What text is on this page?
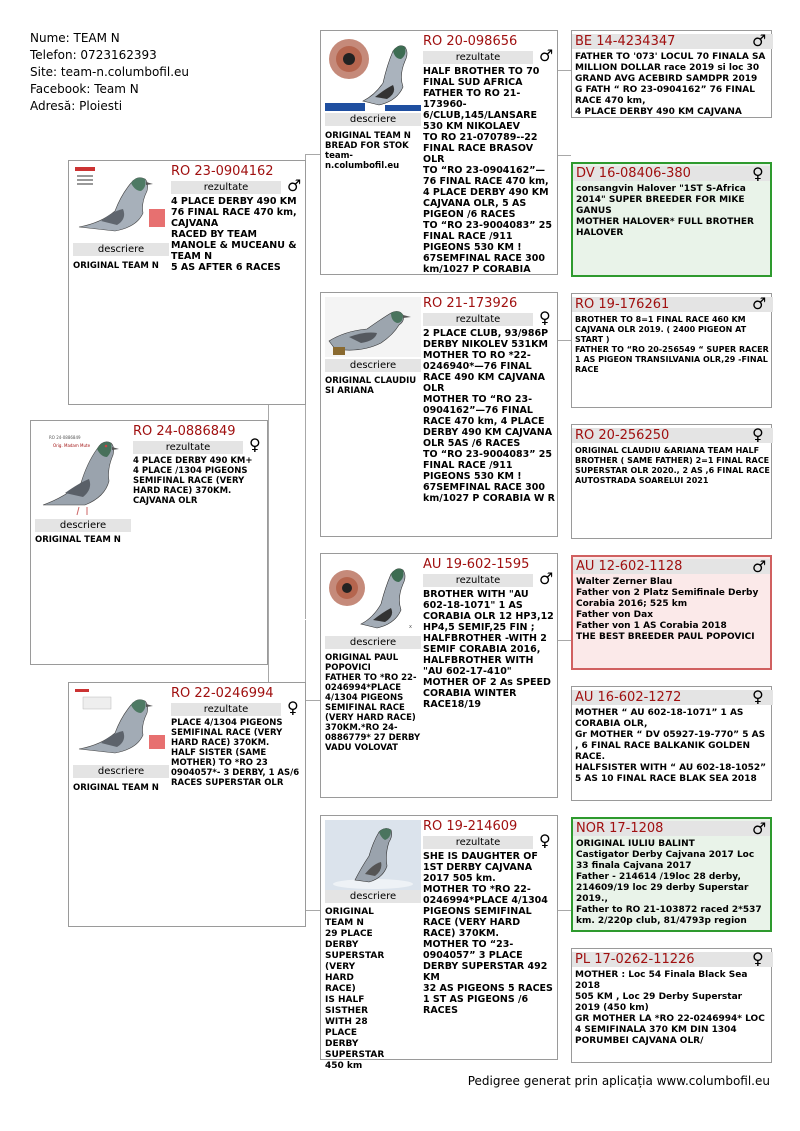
Nume: TEAM N
Telefon: 0723162393
Site: team-n.columbofil.eu
Facebook: Team N
Adresă: Ploiesti
RO 24-0886849
Orig. Madam Mute
descriere
ORIGINAL TEAM N
RO 24-0886849
♀
rezultate
4 PLACE DERBY 490 KM+
4 PLACE /1304 PIGEONS SEMIFINAL RACE (VERY HARD RACE) 370KM. CAJVANA OLR
descriere
ORIGINAL TEAM N
RO 23-0904162
♂
rezultate
4 PLACE DERBY 490 KM
76 FINAL RACE 470 km,
CAJVANA
RACED BY TEAM MANOLE & MUCEANU & TEAM N
5 AS AFTER 6 RACES
descriere
ORIGINAL TEAM N
RO 22-0246994
♀
rezultate
PLACE 4/1304 PIGEONS SEMIFINAL RACE (VERY HARD RACE) 370KM.
HALF SISTER (SAME MOTHER) TO *RO 23 0904057*- 3 DERBY, 1 AS/6 RACES SUPERSTAR OLR
descriere
ORIGINAL TEAM N BREAD FOR STOK
team-n.columbofil.eu
RO 20-098656
♂
rezultate
HALF BROTHER TO 70 FINAL SUD AFRICA
FATHER TO RO 21-173960-6/CLUB,145/LANSARE 530 KM NIKOLAEV
TO RO 21-070789--22 FINAL RACE BRASOV OLR
TO “RO 23-0904162”—76 FINAL RACE 470 km, 4 PLACE DERBY 490 KM CAJVANA OLR, 5 AS PIGEON /6 RACES
TO “RO 23-9004083” 25 FINAL RACE /911 PIGEONS 530 KM !
67SEMFINAL RACE 300 km/1027 P CORABIA
descriere
ORIGINAL CLAUDIU SI ARIANA
RO 21-173926
♀
rezultate
2 PLACE CLUB, 93/986P DERBY NIKOLEV 531KM
MOTHER TO RO *22-0246940*—76 FINAL RACE 490 KM CAJVANA OLR
MOTHER TO “RO 23-0904162”—76 FINAL RACE 470 km, 4 PLACE DERBY 490 KM CAJVANA OLR 5AS /6 RACES
TO “RO 23-9004083” 25 FINAL RACE /911 PIGEONS 530 KM !
67SEMFINAL RACE 300 km/1027 P CORABIA W R
x
descriere
ORIGINAL PAUL POPOVICI
FATHER TO *RO 22-0246994*PLACE 4/1304 PIGEONS SEMIFINAL RACE (VERY HARD RACE) 370KM.*RO 24-0886779* 27 DERBY VADU VOLOVAT
AU 19-602-1595
♂
rezultate
BROTHER WITH "AU 602-18-1071" 1 AS CORABIA OLR 12 HP3,12 HP4,5 SEMIF,25 FIN ;
HALFBROTHER -WITH 2 SEMIF CORABIA 2016,
HALFBROTHER WITH "AU 602-17-410"
MOTHER OF 2 As SPEED CORABIA WINTER RACE18/19
descriere
ORIGINAL TEAM N
29 PLACE DERBY SUPERSTAR (VERY HARD RACE)
IS HALF SISTHER WITH 28 PLACE DERBY SUPERSTAR 450 km
RO 19-214609
♀
rezultate
SHE IS DAUGHTER OF 1ST DERBY CAJVANA 2017 505 km.
MOTHER TO *RO 22-0246994*PLACE 4/1304 PIGEONS SEMIFINAL RACE (VERY HARD RACE) 370KM.
MOTHER TO “23-0904057” 3 PLACE DERBY SUPERSTAR 492 KM
32 AS PIGEONS 5 RACES
1 ST AS PIGEONS /6 RACES
BE 14-4234347	♂
FATHER TO '073' LOCUL 70 FINALA SA MILLION DOLLAR race 2019 si loc 30 GRAND AVG ACEBIRD SAMDPR 2019
G FATH “ RO 23-0904162” 76 FINAL RACE 470 km,
4 PLACE DERBY 490 KM CAJVANA
DV 16-08406-380	♀
consangvin Halover "1ST S-Africa 2014" SUPER BREEDER FOR MIKE GANUS
MOTHER HALOVER* FULL BROTHER HALOVER
RO 19-176261	♂
BROTHER TO 8=1 FINAL RACE 460 KM CAJVANA OLR 2019. ( 2400 PIGEON AT START )
FATHER TO “RO 20-256549 “ SUPER RACER 1 AS PIGEON TRANSILVANIA OLR,29 -FINAL RACE
RO 20-256250	♀
ORIGINAL CLAUDIU &ARIANA TEAM HALF BROTHER ( SAME FATHER) 2=1 FINAL RACE SUPERSTAR OLR 2020., 2 AS ,6 FINAL RACE AUTOSTRADA SOARELUI 2021
AU 12-602-1128	♂
Walter Zerner Blau
Father von 2 Platz Semifinale Derby Corabia 2016; 525 km
Father von Dax
Father von 1 AS Corabia 2018
THE BEST BREEDER PAUL POPOVICI
AU 16-602-1272	♀
MOTHER “ AU 602-18-1071” 1 AS CORABIA OLR,
Gr MOTHER “ DV 05927-19-770” 5 AS , 6 FINAL RACE BALKANIK GOLDEN RACE.
HALFSISTER WITH “ AU 602-18-1052” 5 AS 10 FINAL RACE BLAK SEA 2018
NOR 17-1208	♂
ORIGINAL IULIU BALINT
Castigator Derby Cajvana 2017 Loc 33 finala Cajvana 2017
Father - 214614 /19loc 28 derby, 214609/19 loc 29 derby Superstar 2019.,
Father to RO 21-103872 raced 2*537 km. 2/220p club, 81/4793p region
PL 17-0262-11226	♀
MOTHER : Loc 54 Finala Black Sea 2018
505 KM , Loc 29 Derby Superstar 2019 (450 km)
GR MOTHER LA *RO 22-0246994* LOC 4 SEMIFINALA 370 KM DIN 1304 PORUMBEI CAJVANA OLR/
Pedigree generat prin aplicația www.columbofil.eu
